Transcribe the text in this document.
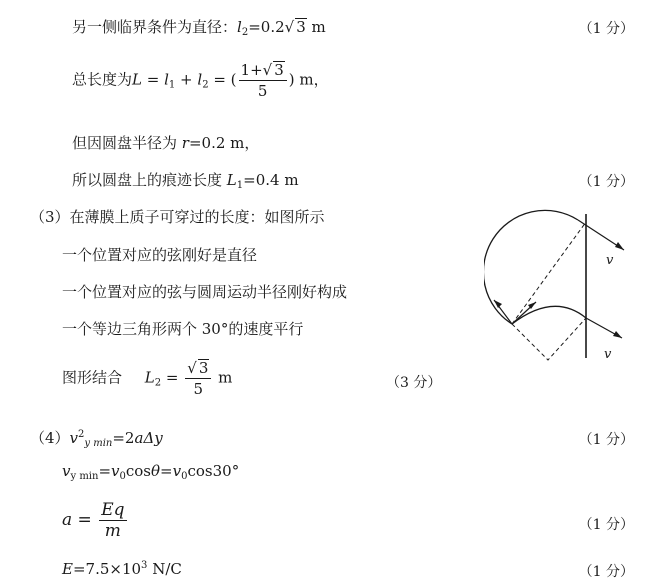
另一侧临界条件为直径：$l_2=0.2√$ 3 m	（1 分）
总长度为$L = l_1 + l_2$ = ( $\frac{1+√ 3}{5}$ ) m，
但因圆盘半径为 r=0.2 m，
所以圆盘上的痕迹长度 $L_1=0.4$ m	（1 分）
（3）在薄膜上质子可穿过的长度：如图所示
一个位置对应的弦刚好是直径
一个位置对应的弦与圆周运动半径刚好构成
一个等边三角形两个 30°的速度平行
图形结合 $L_2 = \frac{√ 3}{5}$ m	（3 分）
v
v
$(4)v^2_{y min}=2a\Delta y$	（1 分）
$v_{y min}=v_0\cos\theta=v_0\cos 30^\circ$
$a = \frac{Eq}{m}$	（1 分）
$E=7.5\times 10^3$ N/C	（1 分）
